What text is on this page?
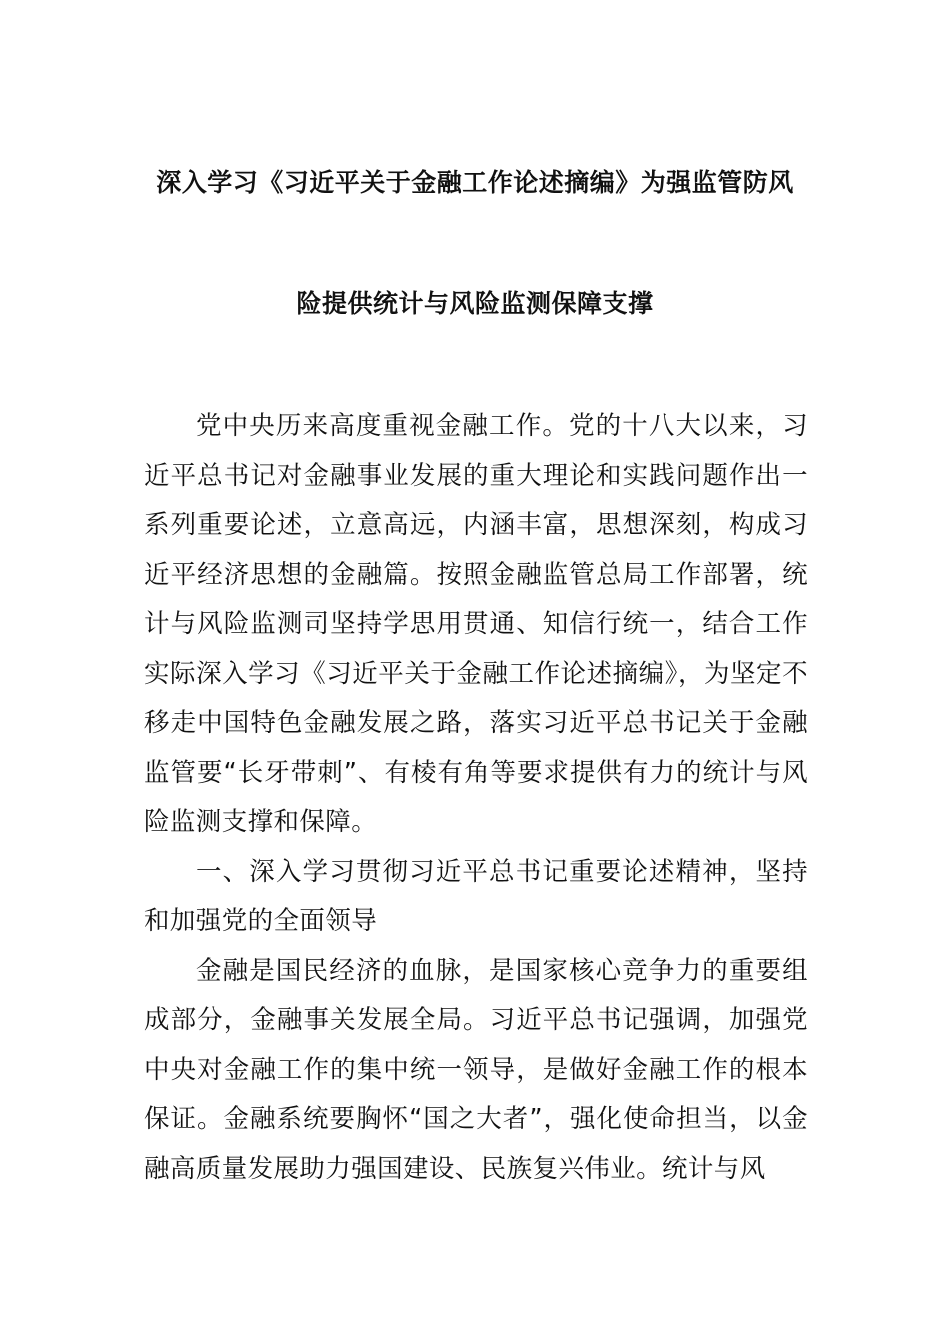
深入学习《习近平关于金融工作论述摘编》为强监管防风
险提供统计与风险监测保障支撑

党中央历来高度重视金融工作。党的十八大以来，习近平总书记对金融事业发展的重大理论和实践问题作出一系列重要论述，立意高远，内涵丰富，思想深刻，构成习近平经济思想的金融篇。按照金融监管总局工作部署，统计与风险监测司坚持学思用贯通、知信行统一，结合工作实际深入学习《习近平关于金融工作论述摘编》，为坚定不移走中国特色金融发展之路，落实习近平总书记关于金融监管要“长牙带刺”、有棱有角等要求提供有力的统计与风险监测支撑和保障。

一、深入学习贯彻习近平总书记重要论述精神，坚持和加强党的全面领导

金融是国民经济的血脉，是国家核心竞争力的重要组成部分，金融事关发展全局。习近平总书记强调，加强党中央对金融工作的集中统一领导，是做好金融工作的根本保证。金融系统要胸怀“国之大者”，强化使命担当，以金融高质量发展助力强国建设、民族复兴伟业。统计与风
